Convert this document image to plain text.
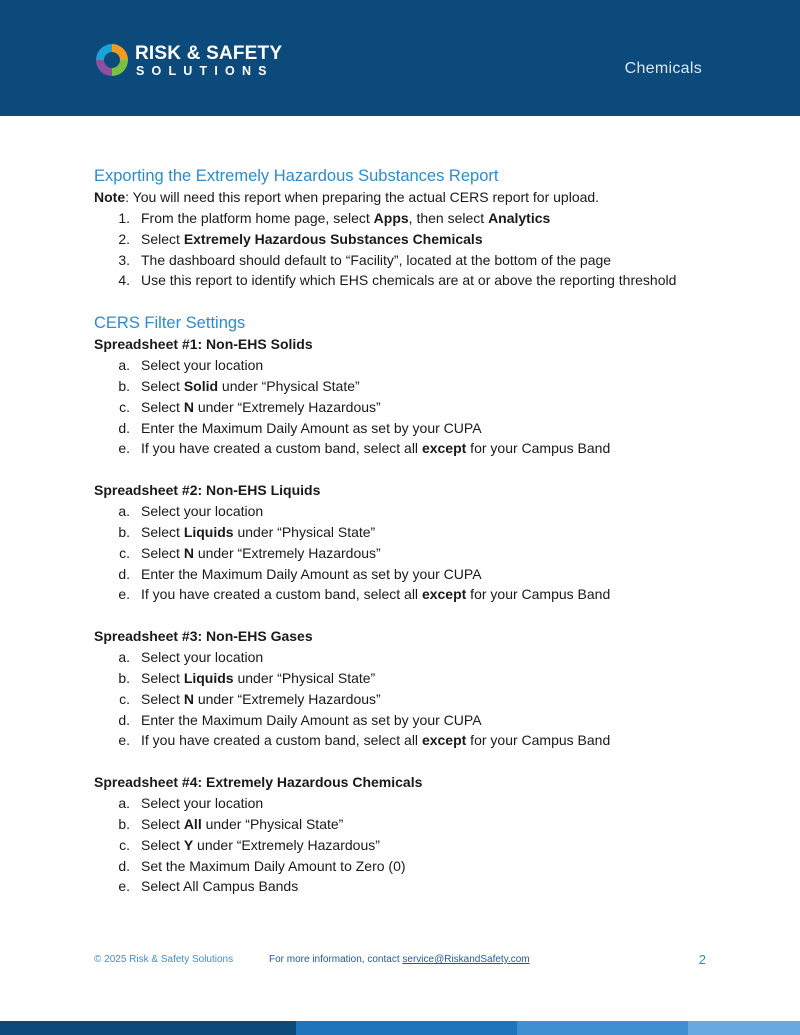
RISK & SAFETY
SOLUTIONS	Chemicals
Exporting the Extremely Hazardous Substances Report
Note: You will need this report when preparing the actual CERS report for upload.
1. From the platform home page, select Apps, then select Analytics
2. Select Extremely Hazardous Substances Chemicals
3. The dashboard should default to “Facility”, located at the bottom of the page
4. Use this report to identify which EHS chemicals are at or above the reporting threshold
CERS Filter Settings
Spreadsheet #1: Non-EHS Solids
a. Select your location
b. Select Solid under “Physical State”
c. Select N under “Extremely Hazardous”
d. Enter the Maximum Daily Amount as set by your CUPA
e. If you have created a custom band, select all except for your Campus Band
Spreadsheet #2: Non-EHS Liquids
a. Select your location
b. Select Liquids under “Physical State”
c. Select N under “Extremely Hazardous”
d. Enter the Maximum Daily Amount as set by your CUPA
e. If you have created a custom band, select all except for your Campus Band
Spreadsheet #3: Non-EHS Gases
a. Select your location
b. Select Liquids under “Physical State”
c. Select N under “Extremely Hazardous”
d. Enter the Maximum Daily Amount as set by your CUPA
e. If you have created a custom band, select all except for your Campus Band
Spreadsheet #4: Extremely Hazardous Chemicals
a. Select your location
b. Select All under “Physical State”
c. Select Y under “Extremely Hazardous”
d. Set the Maximum Daily Amount to Zero (0)
e. Select All Campus Bands
© 2025 Risk & Safety Solutions	For more information, contact service@RiskandSafety.com	2
